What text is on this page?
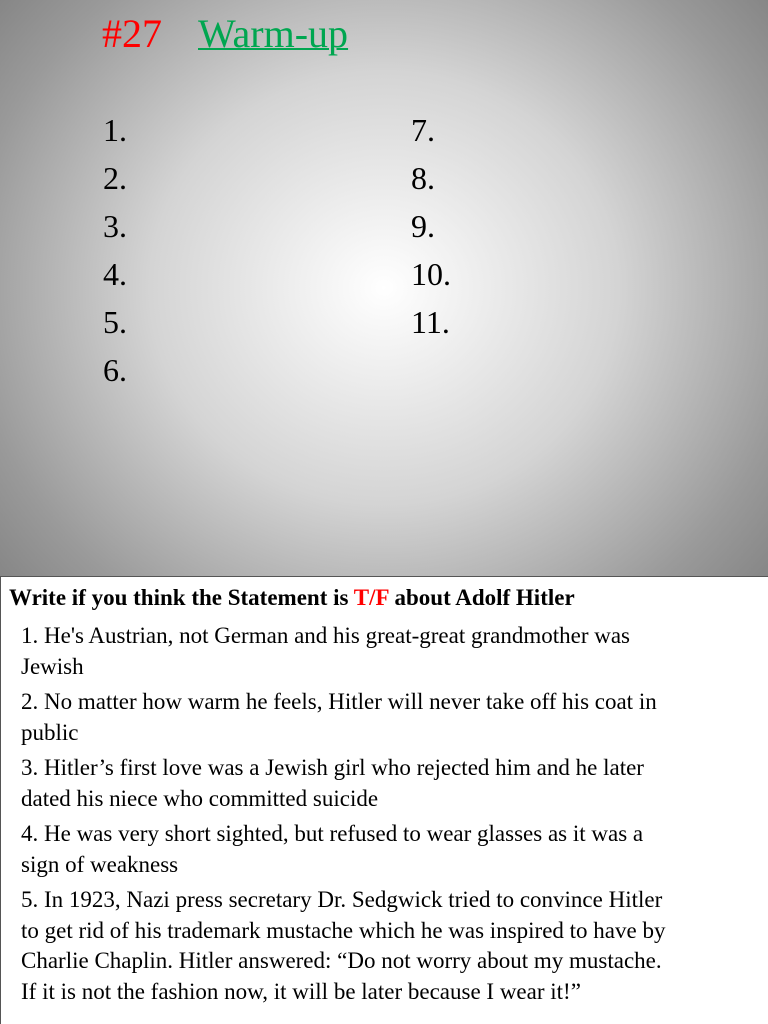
#27 Warm-up
1.
2.
3.
4.
5.
6.
7.
8.
9.
10.
11.
Write if you think the Statement is T/F about Adolf Hitler

1. He's Austrian, not German and his great-great grandmother was Jewish

2. No matter how warm he feels, Hitler will never take off his coat in public

3. Hitler’s first love was a Jewish girl who rejected him and he later dated his niece who committed suicide

4. He was very short sighted, but refused to wear glasses as it was a sign of weakness

5. In 1923, Nazi press secretary Dr. Sedgwick tried to convince Hitler to get rid of his trademark mustache which he was inspired to have by Charlie Chaplin. Hitler answered: “Do not worry about my mustache. If it is not the fashion now, it will be later because I wear it!”
